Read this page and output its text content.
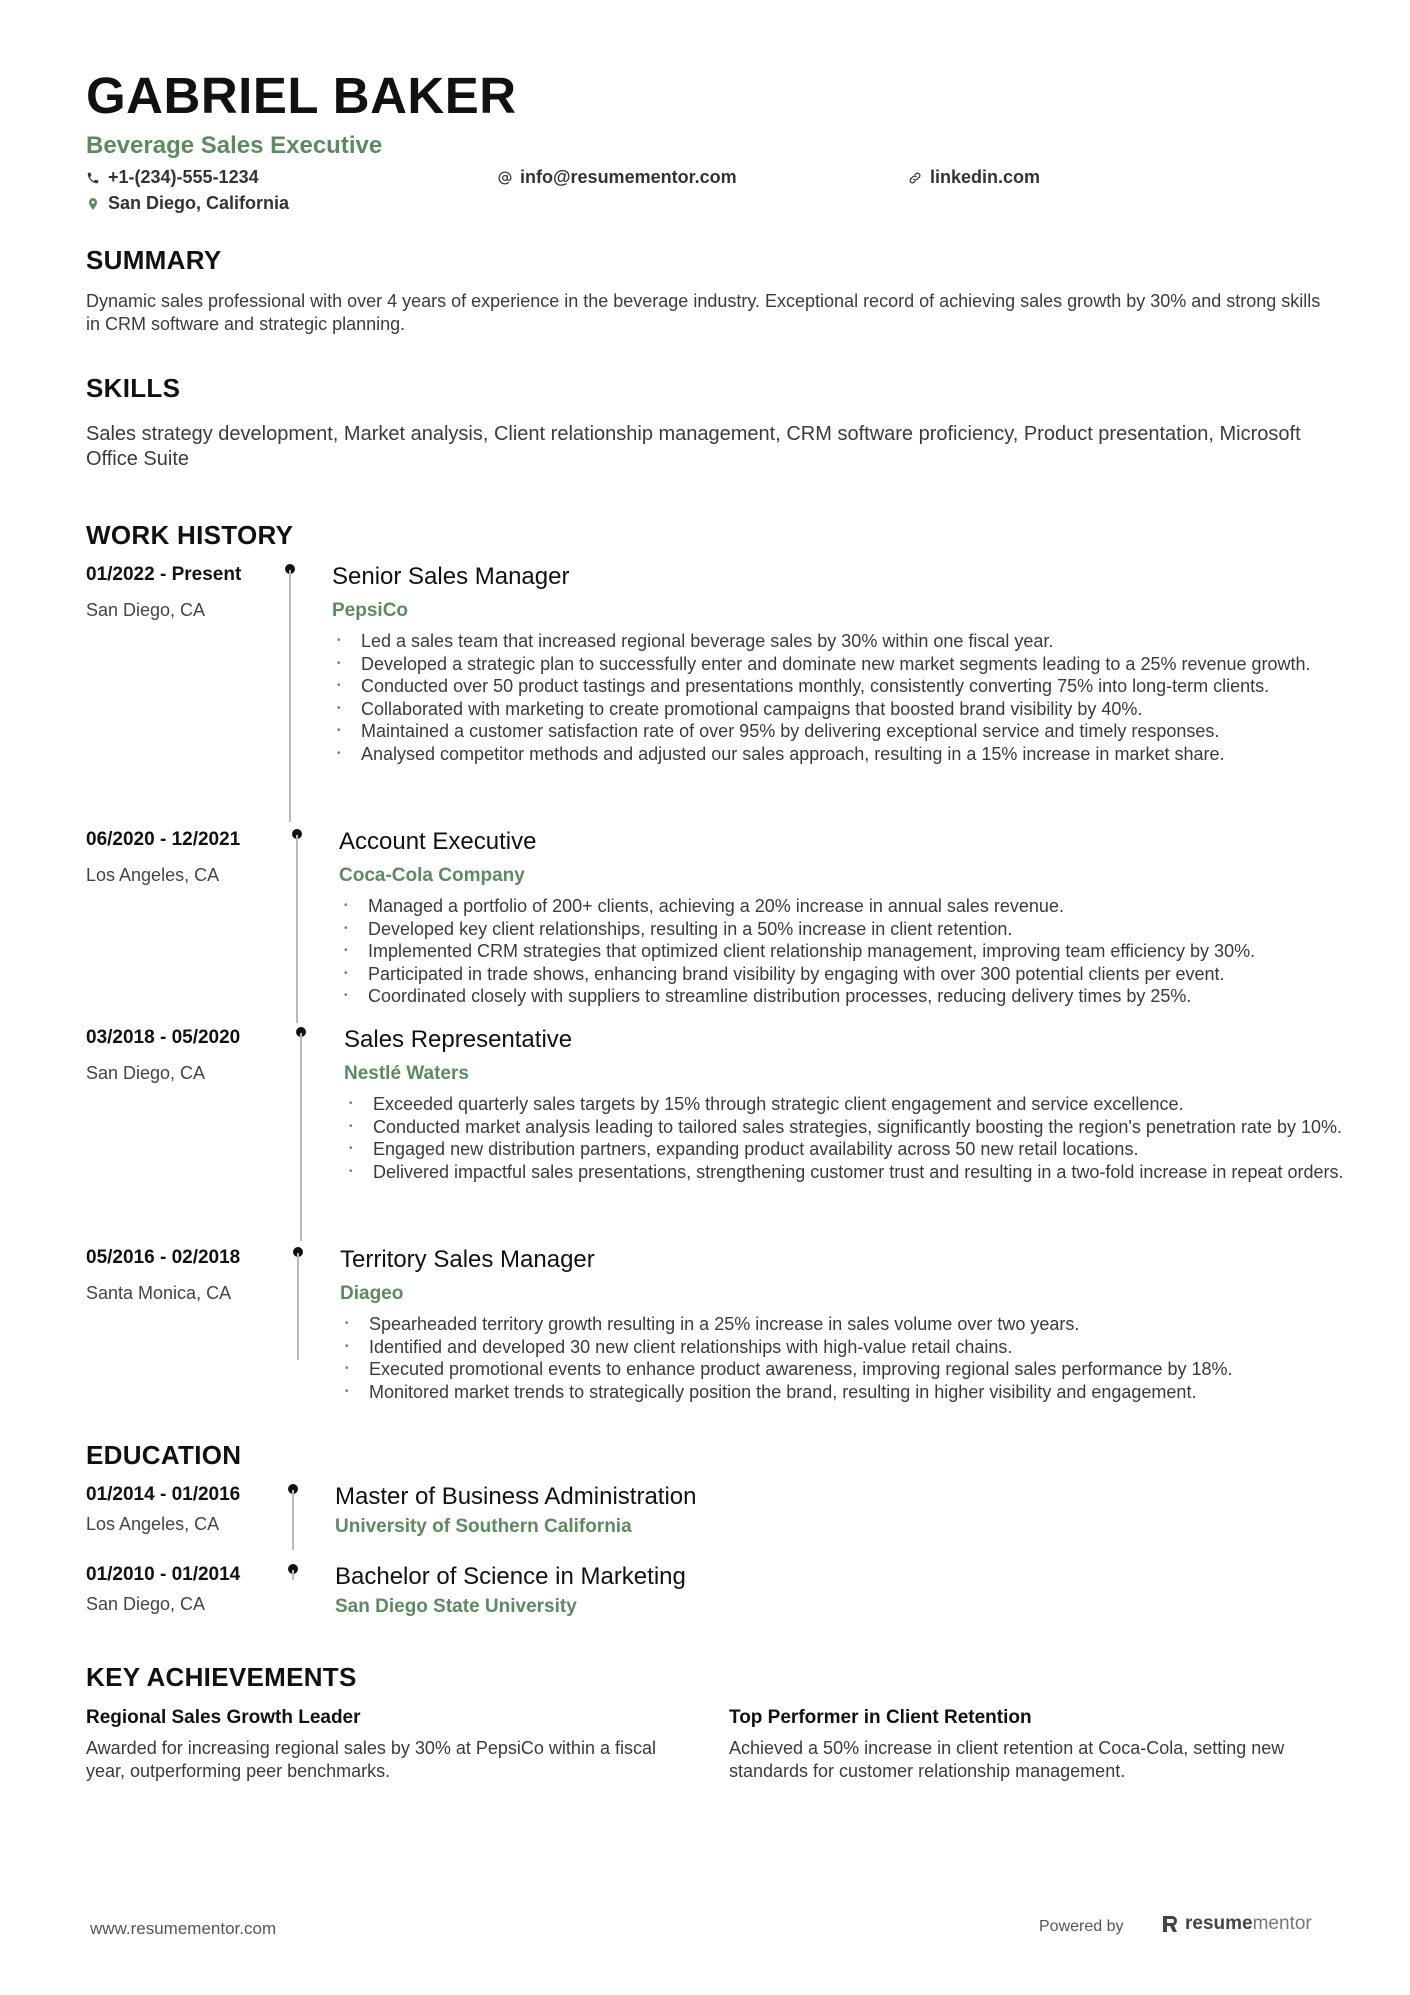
GABRIEL BAKER
Beverage Sales Executive
+1-(234)-555-1234	info@resumementor.com	linkedin.com
San Diego, California
SUMMARY
Dynamic sales professional with over 4 years of experience in the beverage industry. Exceptional record of achieving sales growth by 30% and strong skills in CRM software and strategic planning.
SKILLS
Sales strategy development, Market analysis, Client relationship management, CRM software proficiency, Product presentation, Microsoft Office Suite
WORK HISTORY
01/2022 - Present
San Diego, CA
Senior Sales Manager
PepsiCo
• Led a sales team that increased regional beverage sales by 30% within one fiscal year.
• Developed a strategic plan to successfully enter and dominate new market segments leading to a 25% revenue growth.
• Conducted over 50 product tastings and presentations monthly, consistently converting 75% into long-term clients.
• Collaborated with marketing to create promotional campaigns that boosted brand visibility by 40%.
• Maintained a customer satisfaction rate of over 95% by delivering exceptional service and timely responses.
• Analysed competitor methods and adjusted our sales approach, resulting in a 15% increase in market share.
06/2020 - 12/2021
Los Angeles, CA
Account Executive
Coca-Cola Company
• Managed a portfolio of 200+ clients, achieving a 20% increase in annual sales revenue.
• Developed key client relationships, resulting in a 50% increase in client retention.
• Implemented CRM strategies that optimized client relationship management, improving team efficiency by 30%.
• Participated in trade shows, enhancing brand visibility by engaging with over 300 potential clients per event.
• Coordinated closely with suppliers to streamline distribution processes, reducing delivery times by 25%.
03/2018 - 05/2020
San Diego, CA
Sales Representative
Nestlé Waters
• Exceeded quarterly sales targets by 15% through strategic client engagement and service excellence.
• Conducted market analysis leading to tailored sales strategies, significantly boosting the region's penetration rate by 10%.
• Engaged new distribution partners, expanding product availability across 50 new retail locations.
• Delivered impactful sales presentations, strengthening customer trust and resulting in a two-fold increase in repeat orders.
05/2016 - 02/2018
Santa Monica, CA
Territory Sales Manager
Diageo
• Spearheaded territory growth resulting in a 25% increase in sales volume over two years.
• Identified and developed 30 new client relationships with high-value retail chains.
• Executed promotional events to enhance product awareness, improving regional sales performance by 18%.
• Monitored market trends to strategically position the brand, resulting in higher visibility and engagement.
EDUCATION
01/2014 - 01/2016
Los Angeles, CA
Master of Business Administration
University of Southern California
01/2010 - 01/2014
San Diego, CA
Bachelor of Science in Marketing
San Diego State University
KEY ACHIEVEMENTS
Regional Sales Growth Leader
Awarded for increasing regional sales by 30% at PepsiCo within a fiscal year, outperforming peer benchmarks.
Top Performer in Client Retention
Achieved a 50% increase in client retention at Coca-Cola, setting new standards for customer relationship management.
www.resumementor.com	Powered by	resumementor
